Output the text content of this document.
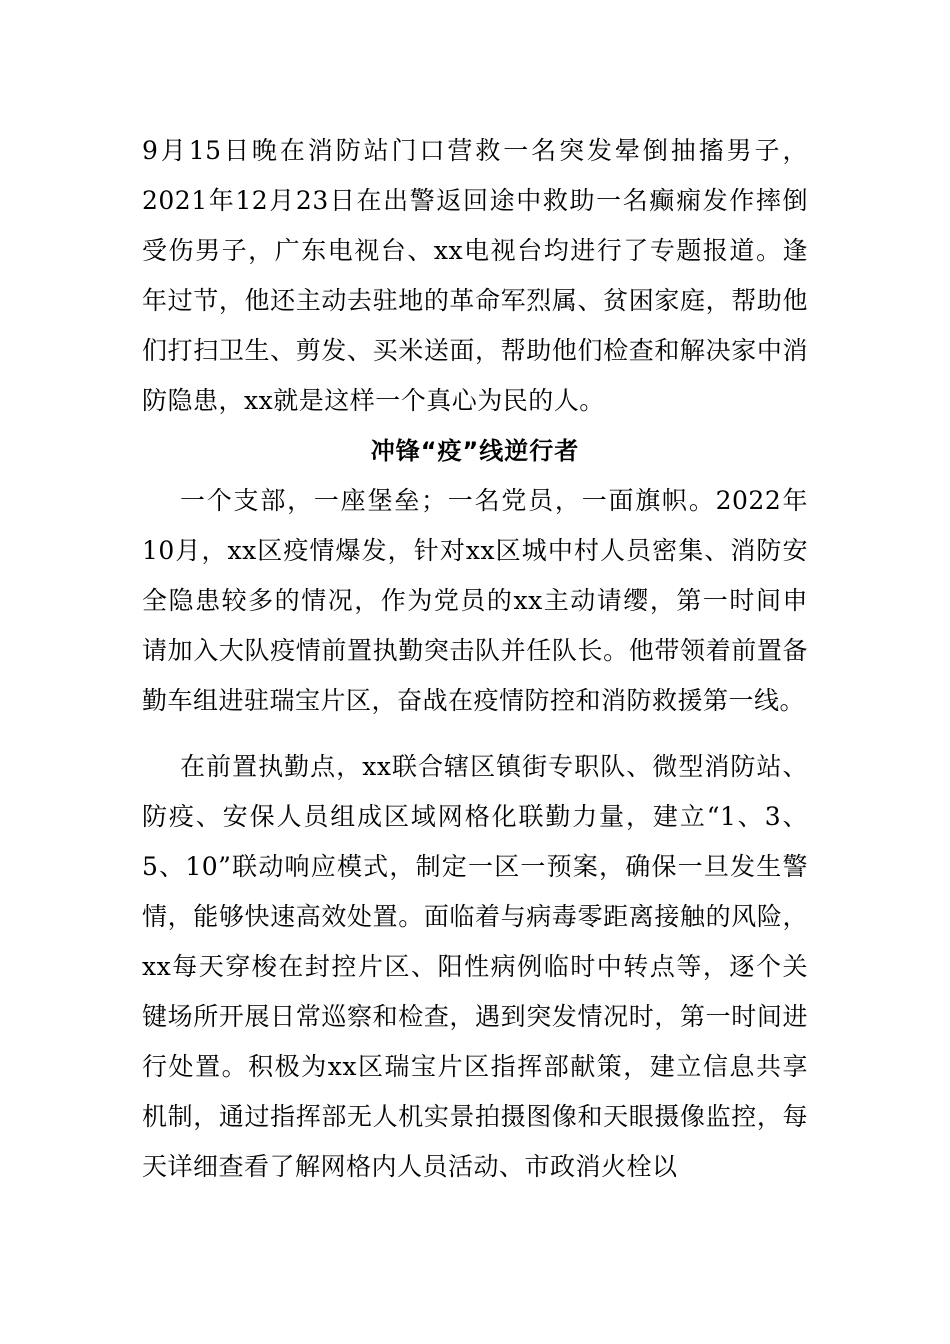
9月15日晚在消防站门口营救一名突发晕倒抽搐男子，2021年12月23日在出警返回途中救助一名癫痫发作摔倒受伤男子，广东电视台、xx电视台均进行了专题报道。逢年过节，他还主动去驻地的革命军烈属、贫困家庭，帮助他们打扫卫生、剪发、买米送面，帮助他们检查和解决家中消防隐患，xx就是这样一个真心为民的人。

冲锋“疫”线逆行者

一个支部，一座堡垒；一名党员，一面旗帜。2022年10月，xx区疫情爆发，针对xx区城中村人员密集、消防安全隐患较多的情况，作为党员的xx主动请缨，第一时间申请加入大队疫情前置执勤突击队并任队长。他带领着前置备勤车组进驻瑞宝片区，奋战在疫情防控和消防救援第一线。

在前置执勤点，xx联合辖区镇街专职队、微型消防站、防疫、安保人员组成区域网格化联勤力量，建立“1、3、5、10”联动响应模式，制定一区一预案，确保一旦发生警情，能够快速高效处置。面临着与病毒零距离接触的风险，xx每天穿梭在封控片区、阳性病例临时中转点等，逐个关键场所开展日常巡察和检查，遇到突发情况时，第一时间进行处置。积极为xx区瑞宝片区指挥部献策，建立信息共享机制，通过指挥部无人机实景拍摄图像和天眼摄像监控，每天详细查看了解网格内人员活动、市政消火栓以
